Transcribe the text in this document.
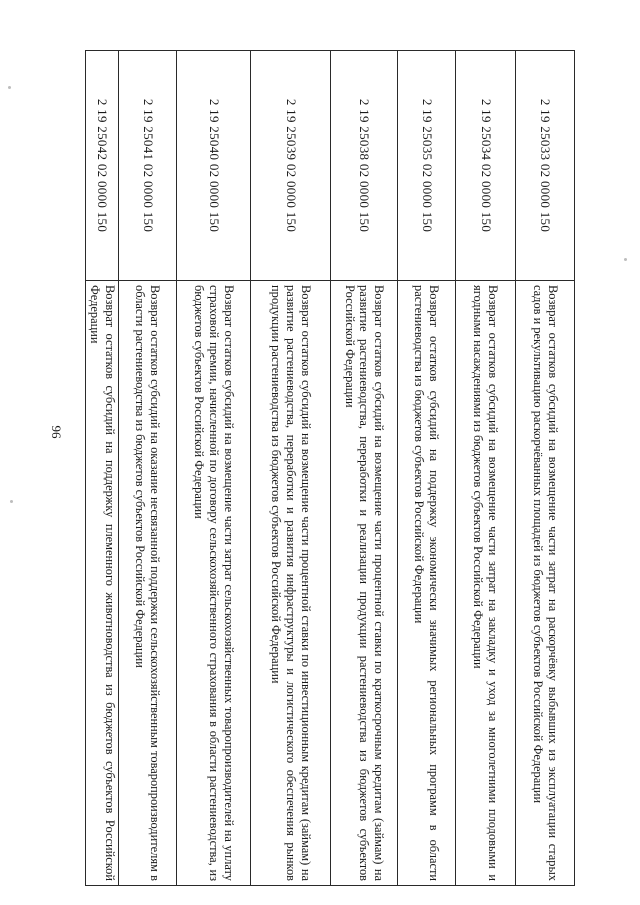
96
2 19 25033 02 0000 150	Возврат остатков субсидий на возмещение части затрат на раскорчёвку выбывших из эксплуатации старых садов и рекультивацию раскорчёванных площадей из бюджетов субъектов Российской Федерации
2 19 25034 02 0000 150	Возврат остатков субсидий на возмещение части затрат на закладку и уход за многолетними плодовыми и ягодными насаждениями из бюджетов субъектов Российской Федерации
2 19 25035 02 0000 150	Возврат остатков субсидий на поддержку экономически значимых региональных программ в области растениеводства из бюджетов субъектов Российской Федерации
2 19 25038 02 0000 150	Возврат остатков субсидий на возмещение части процентной ставки по краткосрочным кредитам (займам) на развитие растениеводства, переработки и реализации продукции растениеводства из бюджетов субъектов Российской Федерации
2 19 25039 02 0000 150	Возврат остатков субсидий на возмещение части процентной ставки по инвестиционным кредитам (займам) на развитие растениеводства, переработки и развития инфраструктуры и логистического обеспечения рынков продукции растениеводства из бюджетов субъектов Российской Федерации
2 19 25040 02 0000 150	Возврат остатков субсидий на возмещение части затрат сельскохозяйственных товаропроизводителей на уплату страховой премии, начисленной по договору сельскохозяйственного страхования в области растениеводства, из бюджетов субъектов Российской Федерации
2 19 25041 02 0000 150	Возврат остатков субсидий на оказание несвязанной поддержки сельскохозяйственным товаропроизводителям в области растениеводства из бюджетов субъектов Российской Федерации
2 19 25042 02 0000 150	Возврат остатков субсидий на поддержку племенного животноводства из бюджетов субъектов Российской Федерации
